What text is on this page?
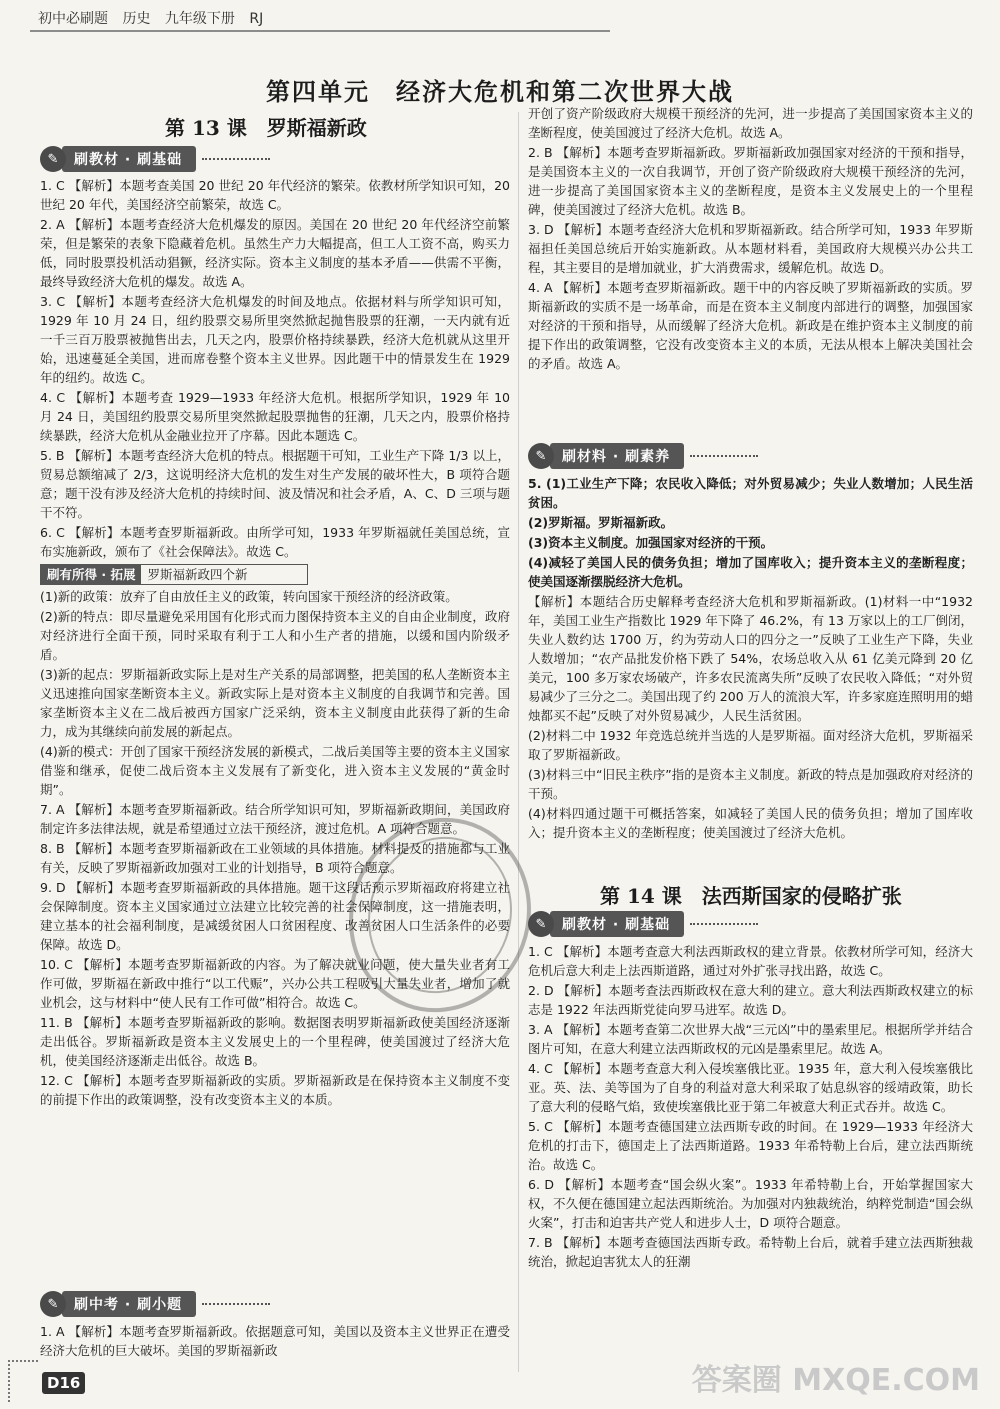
初中必刷题 历史 九年级下册 RJ
第四单元　经济大危机和第二次世界大战
第 13 课　罗斯福新政
✎	刷教材 · 刷基础

1. C 【解析】本题考查美国 20 世纪 20 年代经济的繁荣。依教材所学知识可知，20 世纪 20 年代，美国经济空前繁荣，故选 C。

2. A 【解析】本题考查经济大危机爆发的原因。美国在 20 世纪 20 年代经济空前繁荣，但是繁荣的表象下隐藏着危机。虽然生产力大幅提高，但工人工资不高，购买力低，同时股票投机活动猖獗，经济实际。资本主义制度的基本矛盾——供需不平衡，最终导致经济大危机的爆发。故选 A。

3. C 【解析】本题考查经济大危机爆发的时间及地点。依据材料与所学知识可知，1929 年 10 月 24 日，纽约股票交易所里突然掀起抛售股票的狂潮，一天内就有近一千三百万股票被抛售出去，几天之内，股票价格持续暴跌，经济大危机就从这里开始，迅速蔓延全美国，进而席卷整个资本主义世界。因此题干中的情景发生在 1929 年的纽约。故选 C。

4. C 【解析】本题考查 1929—1933 年经济大危机。根据所学知识，1929 年 10 月 24 日，美国纽约股票交易所里突然掀起股票抛售的狂潮，几天之内，股票价格持续暴跌，经济大危机从金融业拉开了序幕。因此本题选 C。

5. B 【解析】本题考查经济大危机的特点。根据题干可知，工业生产下降 1/3 以上，贸易总额缩减了 2/3，这说明经济大危机的发生对生产发展的破坏性大，B 项符合题意；题干没有涉及经济大危机的持续时间、波及情况和社会矛盾，A、C、D 三项与题干不符。

6. C 【解析】本题考查罗斯福新政。由所学可知，1933 年罗斯福就任美国总统，宣布实施新政，颁布了《社会保障法》。故选 C。

刷有所得 · 拓展 罗斯福新政四个新

(1)新的政策：放弃了自由放任主义的政策，转向国家干预经济的经济政策。

(2)新的特点：即尽量避免采用国有化形式而力图保持资本主义的自由企业制度，政府对经济进行全面干预，同时采取有利于工人和小生产者的措施，以缓和国内阶级矛盾。

(3)新的起点：罗斯福新政实际上是对生产关系的局部调整，把美国的私人垄断资本主义迅速推向国家垄断资本主义。新政实际上是对资本主义制度的自我调节和完善。国家垄断资本主义在二战后被西方国家广泛采纳，资本主义制度由此获得了新的生命力，成为其继续向前发展的新起点。

(4)新的模式：开创了国家干预经济发展的新模式，二战后美国等主要的资本主义国家借鉴和继承，促使二战后资本主义发展有了新变化，进入资本主义发展的“黄金时期”。

7. A 【解析】本题考查罗斯福新政。结合所学知识可知，罗斯福新政期间，美国政府制定许多法律法规，就是希望通过立法干预经济，渡过危机。A 项符合题意。

8. B 【解析】本题考查罗斯福新政在工业领域的具体措施。材料提及的措施都与工业有关，反映了罗斯福新政加强对工业的计划指导，B 项符合题意。

9. D 【解析】本题考查罗斯福新政的具体措施。题干这段话预示罗斯福政府将建立社会保障制度。资本主义国家通过立法建立比较完善的社会保障制度，这一措施表明，建立基本的社会福利制度，是减缓贫困人口贫困程度、改善贫困人口生活条件的必要保障。故选 D。

10. C 【解析】本题考查罗斯福新政的内容。为了解决就业问题，使大量失业者有工作可做，罗斯福在新政中推行“以工代赈”，兴办公共工程吸引大量失业者，增加了就业机会，这与材料中“使人民有工作可做”相符合。故选 C。

11. B 【解析】本题考查罗斯福新政的影响。数据图表明罗斯福新政使美国经济逐渐走出低谷。罗斯福新政是资本主义发展史上的一个里程碑，使美国渡过了经济大危机，使美国经济逐渐走出低谷。故选 B。

12. C 【解析】本题考查罗斯福新政的实质。罗斯福新政是在保持资本主义制度不变的前提下作出的政策调整，没有改变资本主义的本质。

✎	刷中考 · 刷小题

1. A 【解析】本题考查罗斯福新政。依据题意可知，美国以及资本主义世界正在遭受经济大危机的巨大破坏。美国的罗斯福新政

开创了资产阶级政府大规模干预经济的先河，进一步提高了美国国家资本主义的垄断程度，使美国渡过了经济大危机。故选 A。

2. B 【解析】本题考查罗斯福新政。罗斯福新政加强国家对经济的干预和指导，是美国资本主义的一次自我调节，开创了资产阶级政府大规模干预经济的先河，进一步提高了美国国家资本主义的垄断程度，是资本主义发展史上的一个里程碑，使美国渡过了经济大危机。故选 B。

3. D 【解析】本题考查经济大危机和罗斯福新政。结合所学可知，1933 年罗斯福担任美国总统后开始实施新政。从本题材料看，美国政府大规模兴办公共工程，其主要目的是增加就业，扩大消费需求，缓解危机。故选 D。

4. A 【解析】本题考查罗斯福新政。题干中的内容反映了罗斯福新政的实质。罗斯福新政的实质不是一场革命，而是在资本主义制度内部进行的调整，加强国家对经济的干预和指导，从而缓解了经济大危机。新政是在维护资本主义制度的前提下作出的政策调整，它没有改变资本主义的本质，无法从根本上解决美国社会的矛盾。故选 A。

✎	刷材料 · 刷素养

5. (1)工业生产下降；农民收入降低；对外贸易减少；失业人数增加；人民生活贫困。

(2)罗斯福。罗斯福新政。

(3)资本主义制度。加强国家对经济的干预。

(4)减轻了美国人民的债务负担；增加了国库收入；提升资本主义的垄断程度；使美国逐渐摆脱经济大危机。

【解析】本题结合历史解释考查经济大危机和罗斯福新政。(1)材料一中“1932 年，美国工业生产指数比 1929 年下降了 46.2%，有 13 万家以上的工厂倒闭，失业人数约达 1700 万，约为劳动人口的四分之一”反映了工业生产下降，失业人数增加；“农产品批发价格下跌了 54%，农场总收入从 61 亿美元降到 20 亿美元，100 多万家农场破产，许多农民流离失所”反映了农民收入降低；“对外贸易减少了三分之二。美国出现了约 200 万人的流浪大军，许多家庭连照明用的蜡烛都买不起”反映了对外贸易减少，人民生活贫困。

(2)材料二中 1932 年竞选总统并当选的人是罗斯福。面对经济大危机，罗斯福采取了罗斯福新政。

(3)材料三中“旧民主秩序”指的是资本主义制度。新政的特点是加强政府对经济的干预。

(4)材料四通过题干可概括答案，如减轻了美国人民的债务负担；增加了国库收入；提升资本主义的垄断程度；使美国渡过了经济大危机。

第 14 课　法西斯国家的侵略扩张
✎	刷教材 · 刷基础

1. C 【解析】本题考查意大利法西斯政权的建立背景。依教材所学可知，经济大危机后意大利走上法西斯道路，通过对外扩张寻找出路，故选 C。

2. D 【解析】本题考查法西斯政权在意大利的建立。意大利法西斯政权建立的标志是 1922 年法西斯党徒向罗马进军。故选 D。

3. A 【解析】本题考查第二次世界大战“三元凶”中的墨索里尼。根据所学并结合图片可知，在意大利建立法西斯政权的元凶是墨索里尼。故选 A。

4. C 【解析】本题考查意大利入侵埃塞俄比亚。1935 年，意大利入侵埃塞俄比亚。英、法、美等国为了自身的利益对意大利采取了姑息纵容的绥靖政策，助长了意大利的侵略气焰，致使埃塞俄比亚于第二年被意大利正式吞并。故选 C。

5. C 【解析】本题考查德国建立法西斯专政的时间。在 1929—1933 年经济大危机的打击下，德国走上了法西斯道路。1933 年希特勒上台后，建立法西斯统治。故选 C。

6. D 【解析】本题考查“国会纵火案”。1933 年希特勒上台，开始掌握国家大权，不久便在德国建立起法西斯统治。为加强对内独裁统治，纳粹党制造“国会纵火案”，打击和迫害共产党人和进步人士，D 项符合题意。

7. B 【解析】本题考查德国法西斯专政。希特勒上台后，就着手建立法西斯独裁统治，掀起迫害犹太人的狂潮

D16	答案圈 MXQE.COM
